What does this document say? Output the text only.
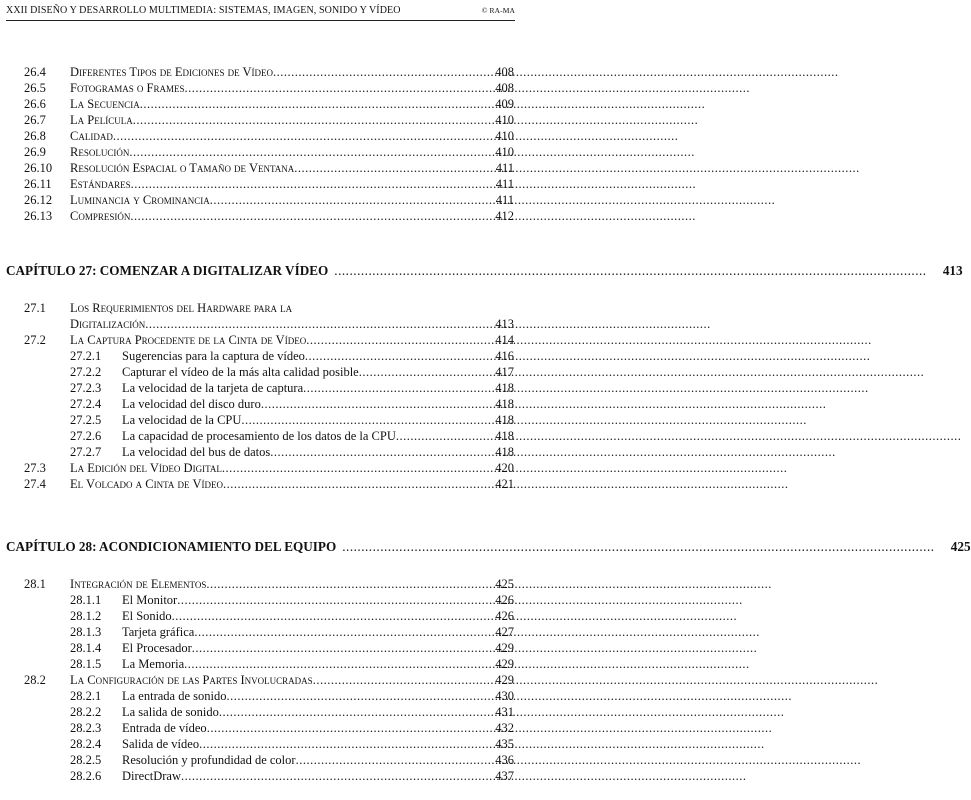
XXII DISEÑO Y DESARROLLO MULTIMEDIA: SISTEMAS, IMAGEN, SONIDO Y VÍDEO	© RA-MA
26.4 Diferentes Tipos de Ediciones de Vídeo .....	408
26.5 Fotogramas o Frames .....	408
26.6 La Secuencia .....	409
26.7 La Película .....	410
26.8 Calidad .....	410
26.9 Resolución .....	410
26.10 Resolución Espacial o Tamaño de Ventana .....	411
26.11 Estándares .....	411
26.12 Luminancia y Crominancia .....	411
26.13 Compresión .....	412
CAPÍTULO 27: COMENZAR A DIGITALIZAR VÍDEO .....	413
27.1 Los Requerimientos del Hardware para la
Digitalización .....	413
27.2 La Captura Procedente de la Cinta de Vídeo .....	414
27.2.1 Sugerencias para la captura de vídeo .....	416
27.2.2 Capturar el vídeo de la más alta calidad posible .....	417
27.2.3 La velocidad de la tarjeta de captura .....	418
27.2.4 La velocidad del disco duro .....	418
27.2.5 La velocidad de la CPU .....	418
27.2.6 La capacidad de procesamiento de los datos de la CPU .....	418
27.2.7 La velocidad del bus de datos .....	418
27.3 La Edición del Vídeo Digital .....	420
27.4 El Volcado a Cinta de Vídeo .....	421
CAPÍTULO 28: ACONDICIONAMIENTO DEL EQUIPO .....	425
28.1 Integración de Elementos .....	425
28.1.1 El Monitor .....	426
28.1.2 El Sonido .....	426
28.1.3 Tarjeta gráfica .....	427
28.1.4 El Procesador .....	429
28.1.5 La Memoria .....	429
28.2 La Configuración de las Partes Involucradas .....	429
28.2.1 La entrada de sonido .....	430
28.2.2 La salida de sonido .....	431
28.2.3 Entrada de vídeo .....	432
28.2.4 Salida de vídeo .....	435
28.2.5 Resolución y profundidad de color .....	436
28.2.6 DirectDraw .....	437
